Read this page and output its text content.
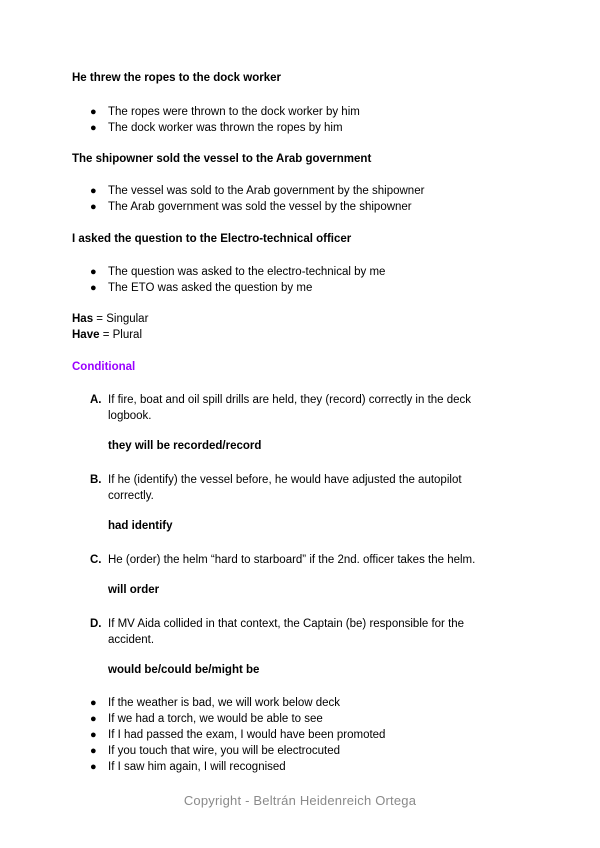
He threw the ropes to the dock worker
● The ropes were thrown to the dock worker by him
● The dock worker was thrown the ropes by him
The shipowner sold the vessel to the Arab government
● The vessel was sold to the Arab government by the shipowner
● The Arab government was sold the vessel by the shipowner
I asked the question to the Electro-technical officer
● The question was asked to the electro-technical by me
● The ETO was asked the question by me
Has = Singular
Have = Plural
Conditional
A. If fire, boat and oil spill drills are held, they (record) correctly in the deck logbook.
they will be recorded/record
B. If he (identify) the vessel before, he would have adjusted the autopilot correctly.
had identify
C. He (order) the helm “hard to starboard” if the 2nd. officer takes the helm.
will order
D. If MV Aida collided in that context, the Captain (be) responsible for the accident.
would be/could be/might be
● If the weather is bad, we will work below deck
● If we had a torch, we would be able to see
● If I had passed the exam, I would have been promoted
● If you touch that wire, you will be electrocuted
● If I saw him again, I will recognised
Copyright - Beltrán Heidenreich Ortega
